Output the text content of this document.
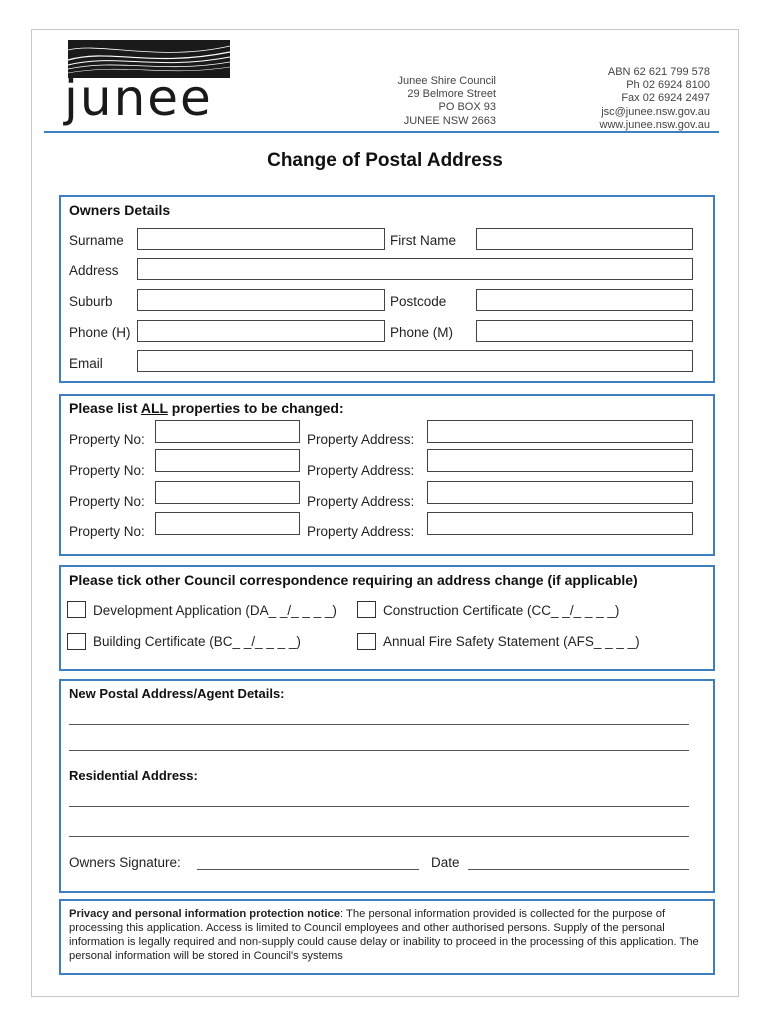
junee	Junee Shire Council
29 Belmore Street
PO BOX 93
JUNEE NSW 2663
ABN 62 621 799 578
Ph 02 6924 8100
Fax 02 6924 2497
jsc@junee.nsw.gov.au
www.junee.nsw.gov.au
Change of Postal Address
Owners Details
Surname	First Name
Address
Suburb	Postcode
Phone (H)	Phone (M)
Email
Please list ALL properties to be changed:
Property No:	Property Address:
Property No:	Property Address:
Property No:	Property Address:
Property No:	Property Address:
Please tick other Council correspondence requiring an address change (if applicable)
Development Application (DA_ _/_ _ _ _)	Construction Certificate (CC_ _/_ _ _ _)
Building Certificate (BC_ _/_ _ _ _)	Annual Fire Safety Statement (AFS_ _ _ _)
New Postal Address/Agent Details:
Residential Address:
Owners Signature:	Date
Privacy and personal information protection notice: The personal information provided is collected for the purpose of processing this application. Access is limited to Council employees and other authorised persons. Supply of the personal information is legally required and non-supply could cause delay or inability to proceed in the processing of this application. The personal information will be stored in Council's systems
